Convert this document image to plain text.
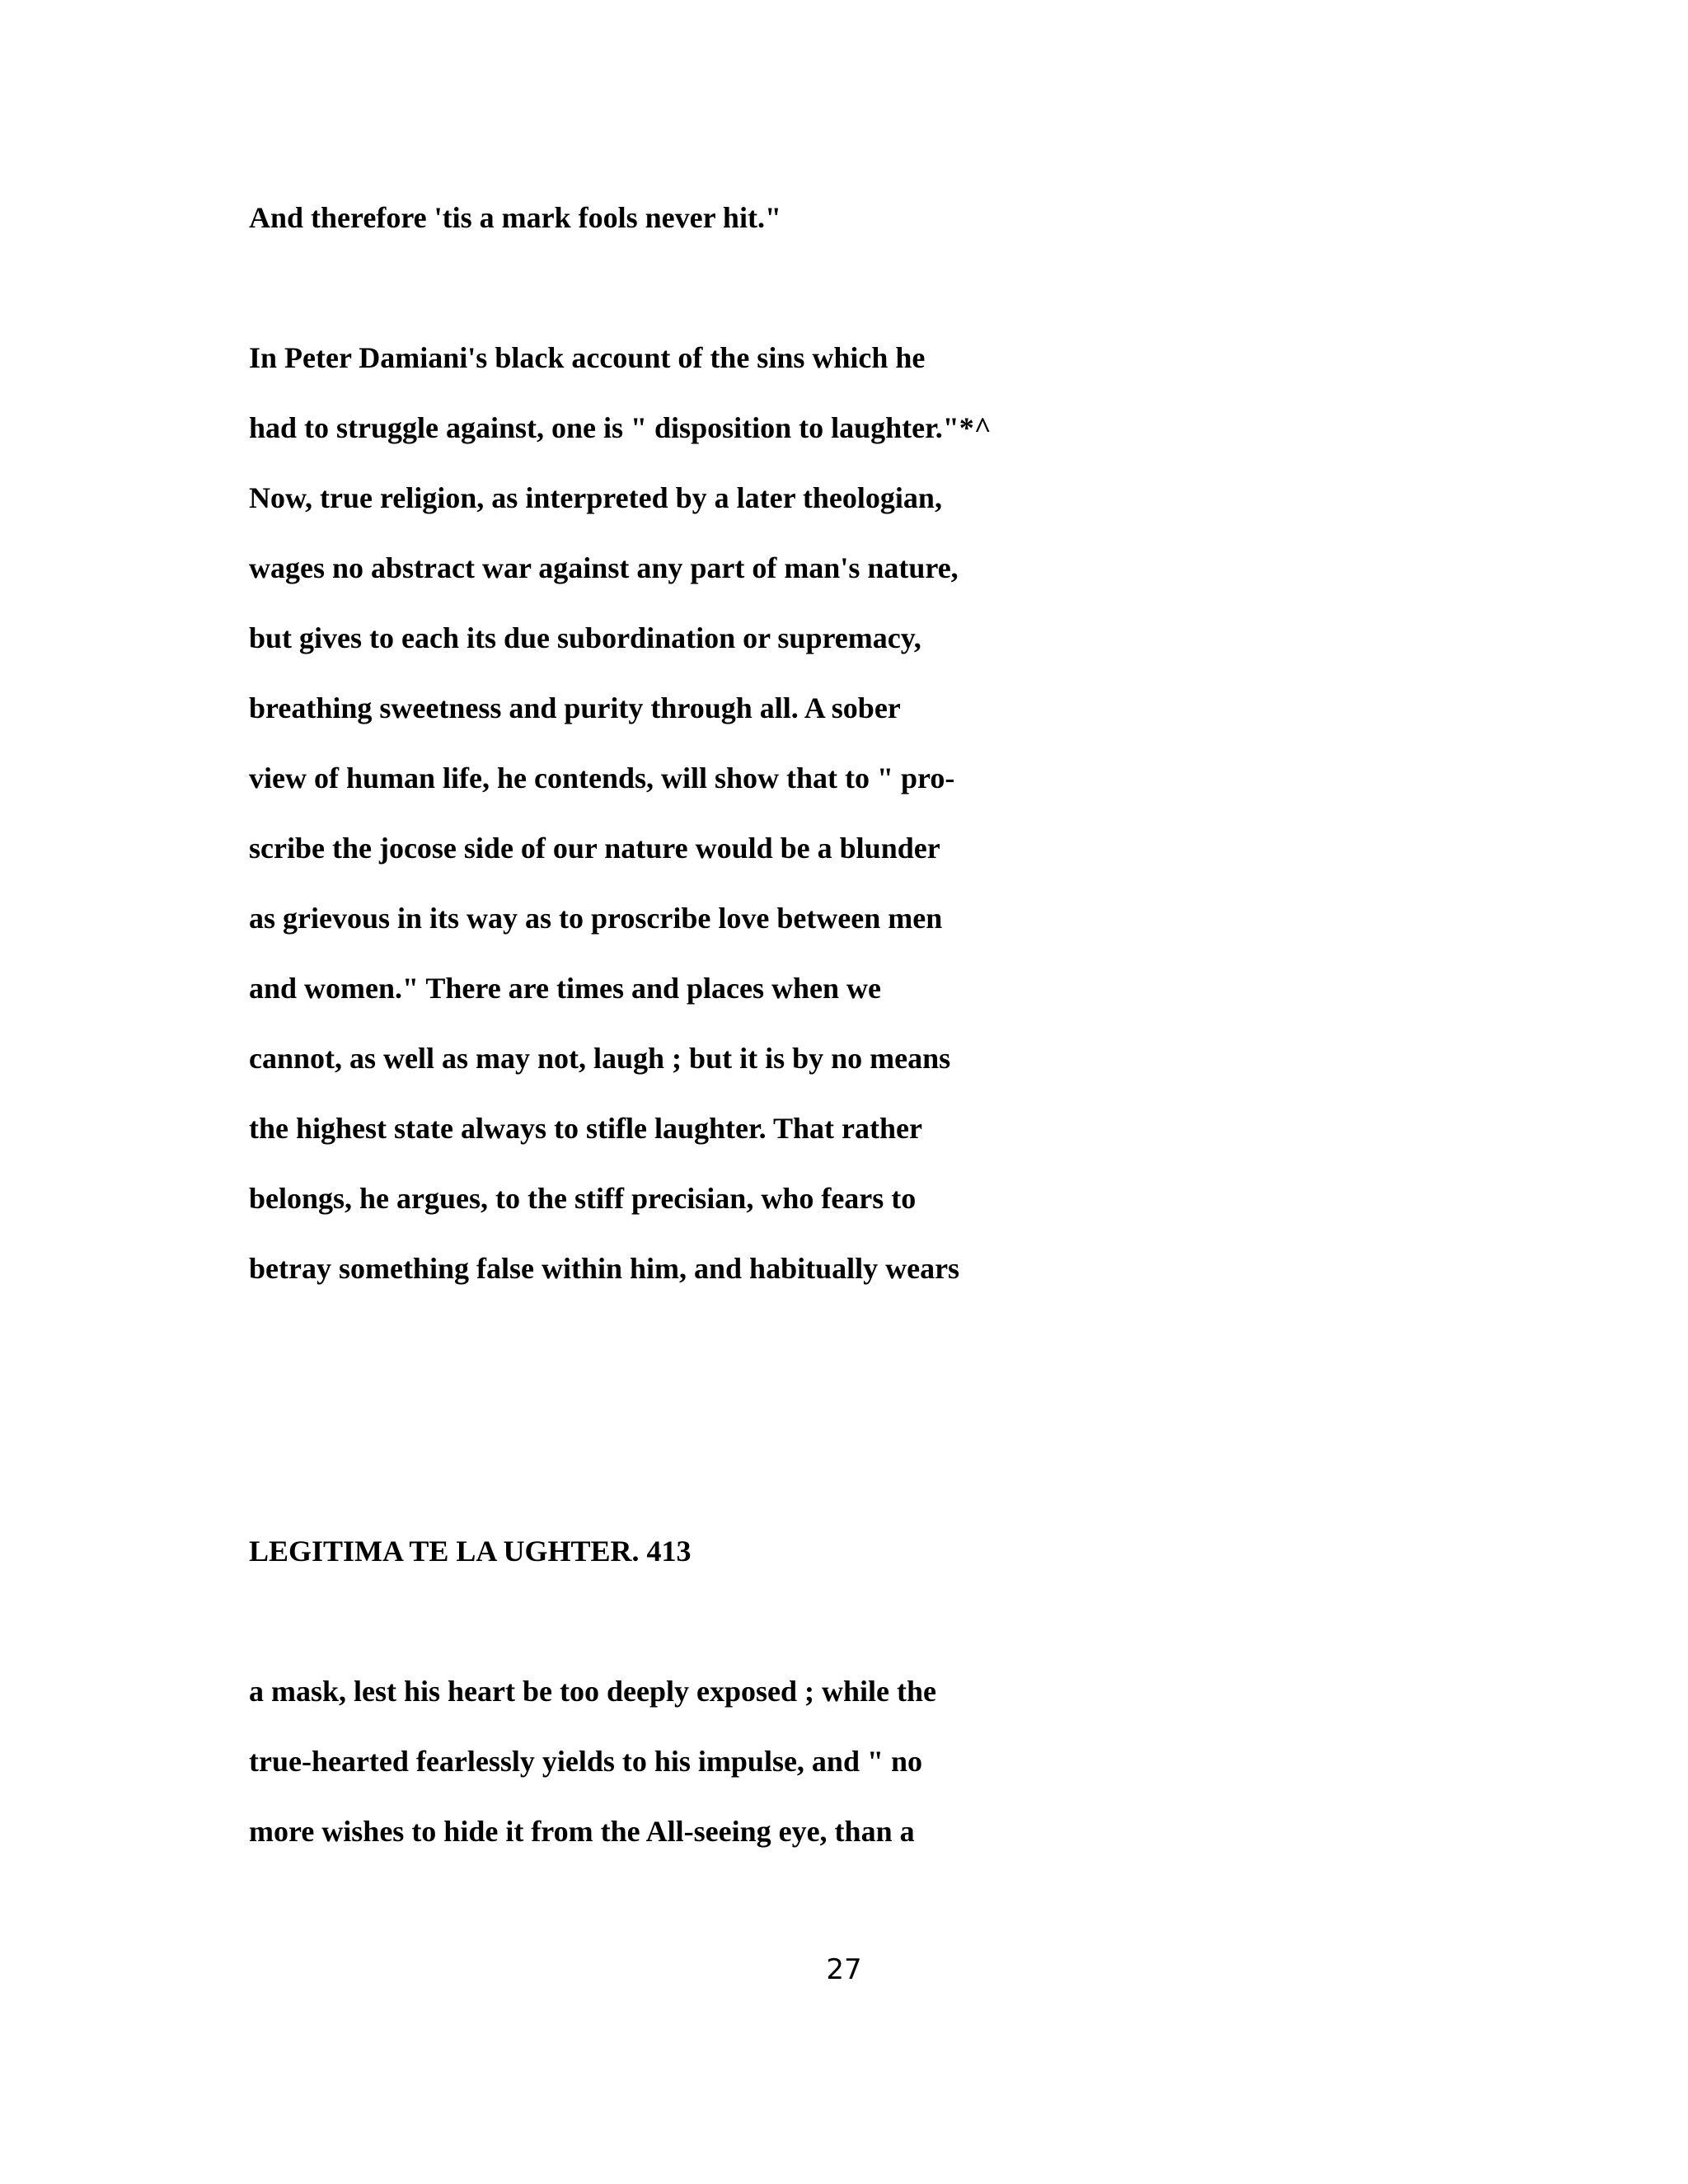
And therefore 'tis a mark fools never hit."

In Peter Damiani's black account of the sins which he

had to struggle against, one is " disposition to laughter."*^

Now, true religion, as interpreted by a later theologian,

wages no abstract war against any part of man's nature,

but gives to each its due subordination or supremacy,

breathing sweetness and purity through all. A sober

view of human life, he contends, will show that to " pro-

scribe the jocose side of our nature would be a blunder

as grievous in its way as to proscribe love between men

and women." There are times and places when we

cannot, as well as may not, laugh ; but it is by no means

the highest state always to stifle laughter. That rather

belongs, he argues, to the stiff precisian, who fears to

betray something false within him, and habitually wears

LEGITIMA TE LA UGHTER. 413

a mask, lest his heart be too deeply exposed ; while the

true-hearted fearlessly yields to his impulse, and " no

more wishes to hide it from the All-seeing eye, than a

27
